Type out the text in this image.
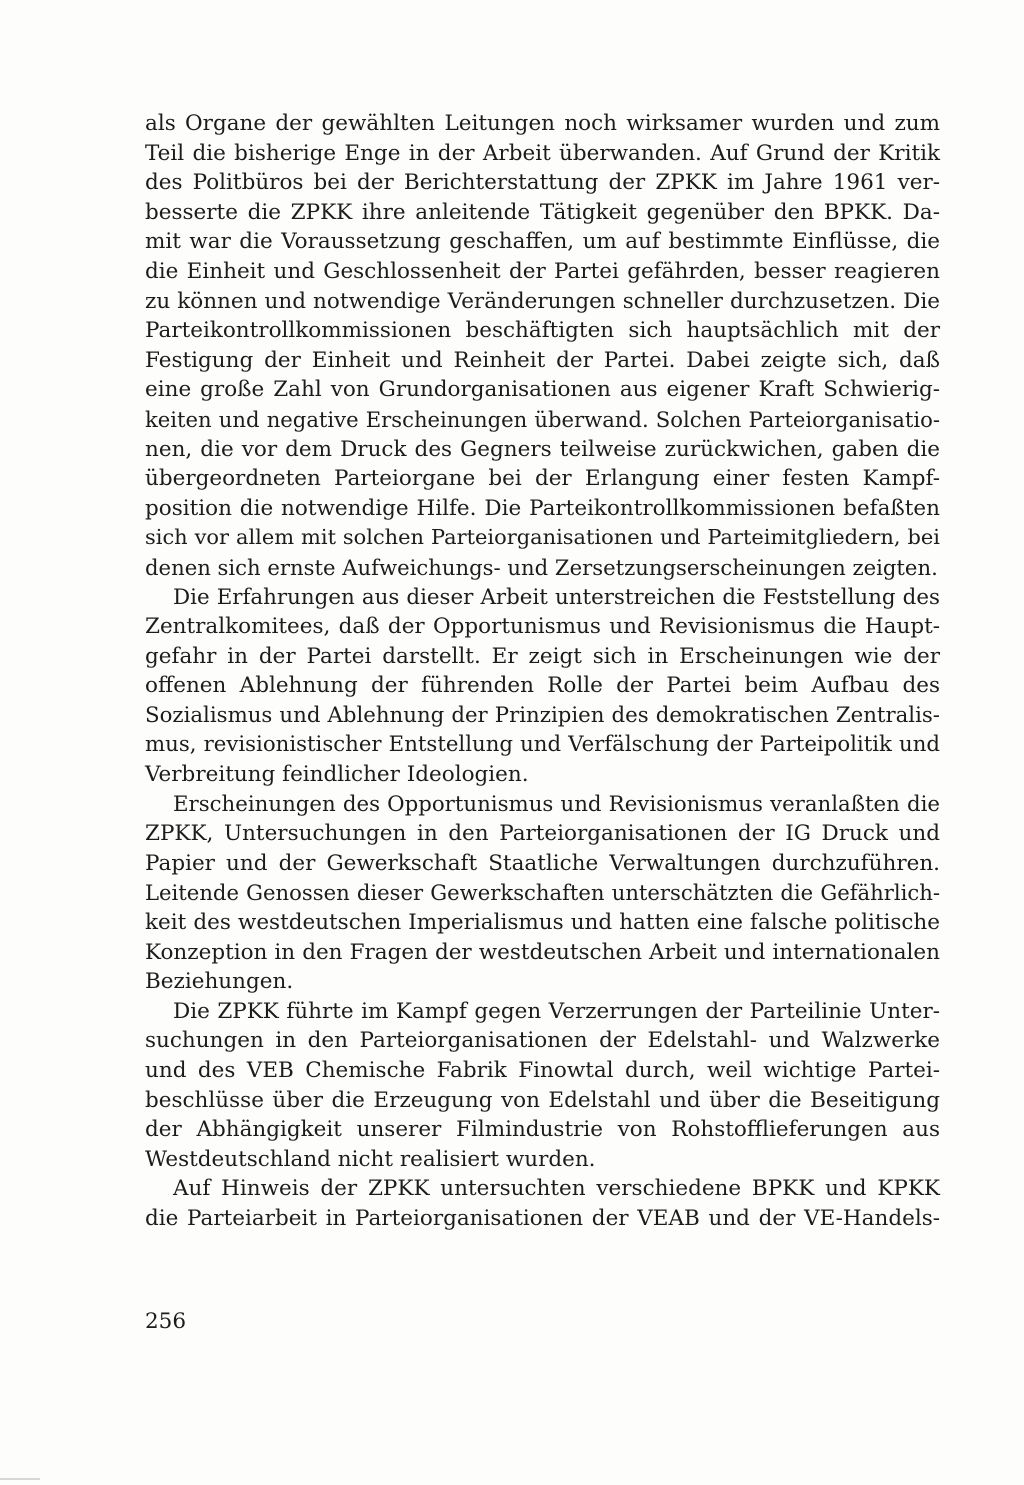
als Organe der gewählten Leitungen noch wirksamer wurden und zum
Teil die bisherige Enge in der Arbeit überwanden. Auf Grund der Kritik
des Politbüros bei der Berichterstattung der ZPKK im Jahre 1961 ver-
besserte die ZPKK ihre anleitende Tätigkeit gegenüber den BPKK. Da-
mit war die Voraussetzung geschaffen, um auf bestimmte Einflüsse, die
die Einheit und Geschlossenheit der Partei gefährden, besser reagieren
zu können und notwendige Veränderungen schneller durchzusetzen. Die
Parteikontrollkommissionen beschäftigten sich hauptsächlich mit der
Festigung der Einheit und Reinheit der Partei. Dabei zeigte sich, daß
eine große Zahl von Grundorganisationen aus eigener Kraft Schwierig-
keiten und negative Erscheinungen überwand. Solchen Parteiorganisatio-
nen, die vor dem Druck des Gegners teilweise zurückwichen, gaben die
übergeordneten Parteiorgane bei der Erlangung einer festen Kampf-
position die notwendige Hilfe. Die Parteikontrollkommissionen befaßten
sich vor allem mit solchen Parteiorganisationen und Parteimitgliedern, bei
denen sich ernste Aufweichungs- und Zersetzungserscheinungen zeigten.
Die Erfahrungen aus dieser Arbeit unterstreichen die Feststellung des
Zentralkomitees, daß der Opportunismus und Revisionismus die Haupt-
gefahr in der Partei darstellt. Er zeigt sich in Erscheinungen wie der
offenen Ablehnung der führenden Rolle der Partei beim Aufbau des
Sozialismus und Ablehnung der Prinzipien des demokratischen Zentralis-
mus, revisionistischer Entstellung und Verfälschung der Parteipolitik und
Verbreitung feindlicher Ideologien.
Erscheinungen des Opportunismus und Revisionismus veranlaßten die
ZPKK, Untersuchungen in den Parteiorganisationen der IG Druck und
Papier und der Gewerkschaft Staatliche Verwaltungen durchzuführen.
Leitende Genossen dieser Gewerkschaften unterschätzten die Gefährlich-
keit des westdeutschen Imperialismus und hatten eine falsche politische
Konzeption in den Fragen der westdeutschen Arbeit und internationalen
Beziehungen.
Die ZPKK führte im Kampf gegen Verzerrungen der Parteilinie Unter-
suchungen in den Parteiorganisationen der Edelstahl- und Walzwerke
und des VEB Chemische Fabrik Finowtal durch, weil wichtige Partei-
beschlüsse über die Erzeugung von Edelstahl und über die Beseitigung
der Abhängigkeit unserer Filmindustrie von Rohstofflieferungen aus
Westdeutschland nicht realisiert wurden.
Auf Hinweis der ZPKK untersuchten verschiedene BPKK und KPKK
die Parteiarbeit in Parteiorganisationen der VEAB und der VE-Handels-
256
